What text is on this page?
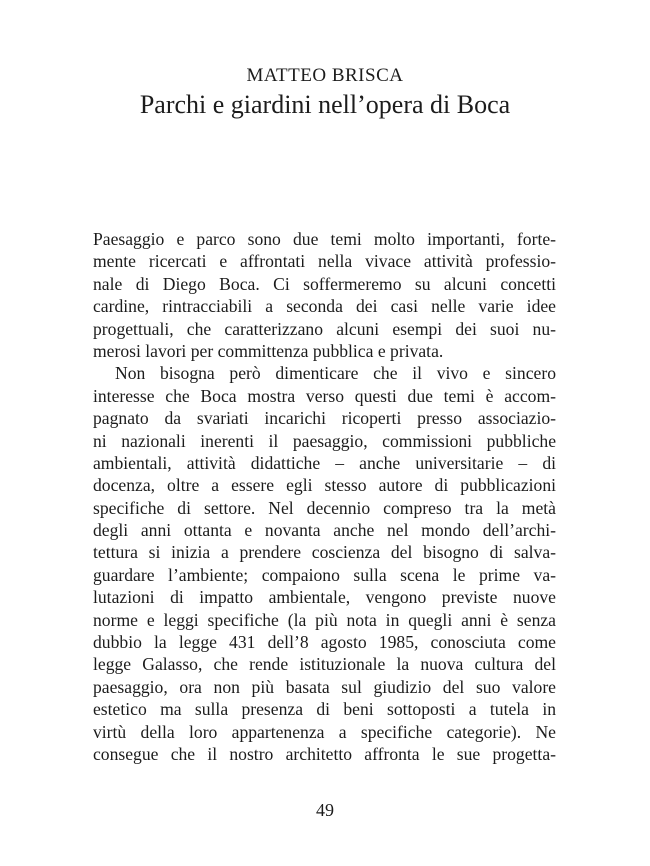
MATTEO BRISCA
Parchi e giardini nell’opera di Boca
Paesaggio e parco sono due temi molto importanti, forte-
mente ricercati e affrontati nella vivace attività professio-
nale di Diego Boca. Ci soffermeremo su alcuni concetti
cardine, rintracciabili a seconda dei casi nelle varie idee
progettuali, che caratterizzano alcuni esempi dei suoi nu-
merosi lavori per committenza pubblica e privata.
Non bisogna però dimenticare che il vivo e sincero
interesse che Boca mostra verso questi due temi è accom-
pagnato da svariati incarichi ricoperti presso associazio-
ni nazionali inerenti il paesaggio, commissioni pubbliche
ambientali, attività didattiche – anche universitarie – di
docenza, oltre a essere egli stesso autore di pubblicazioni
specifiche di settore. Nel decennio compreso tra la metà
degli anni ottanta e novanta anche nel mondo dell’archi-
tettura si inizia a prendere coscienza del bisogno di salva-
guardare l’ambiente; compaiono sulla scena le prime va-
lutazioni di impatto ambientale, vengono previste nuove
norme e leggi specifiche (la più nota in quegli anni è senza
dubbio la legge 431 dell’8 agosto 1985, conosciuta come
legge Galasso, che rende istituzionale la nuova cultura del
paesaggio, ora non più basata sul giudizio del suo valore
estetico ma sulla presenza di beni sottoposti a tutela in
virtù della loro appartenenza a specifiche categorie). Ne
consegue che il nostro architetto affronta le sue progetta-
49
